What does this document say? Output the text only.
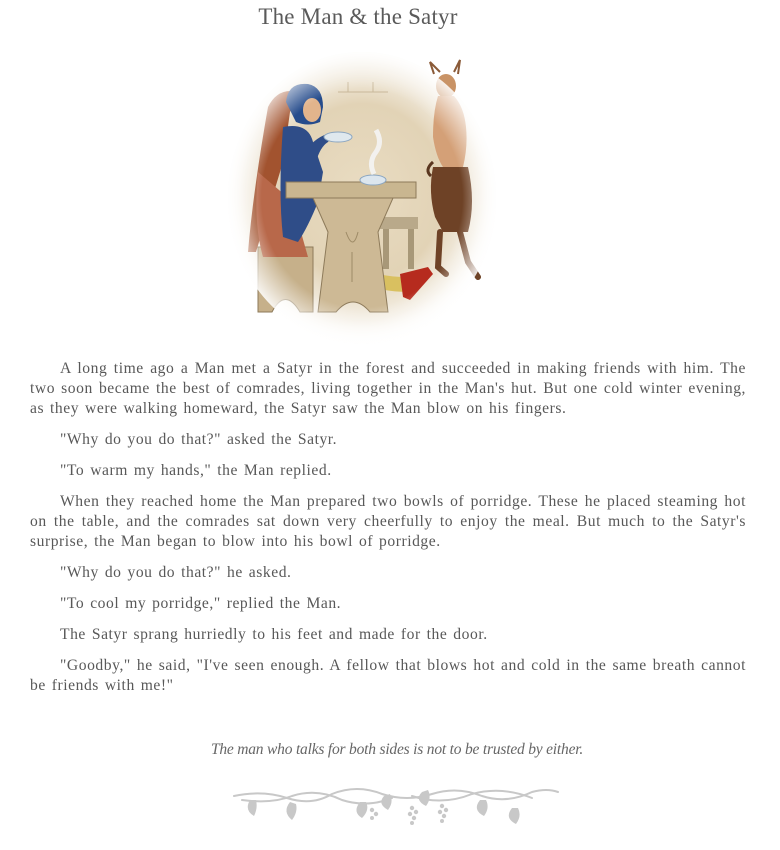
The Man & the Satyr

A long time ago a Man met a Satyr in the forest and succeeded in making friends with him. The two soon became the best of comrades, living together in the Man's hut. But one cold winter evening, as they were walking homeward, the Satyr saw the Man blow on his fingers.

"Why do you do that?" asked the Satyr.

"To warm my hands," the Man replied.

When they reached home the Man prepared two bowls of porridge. These he placed steaming hot on the table, and the comrades sat down very cheerfully to enjoy the meal. But much to the Satyr's surprise, the Man began to blow into his bowl of porridge.

"Why do you do that?" he asked.

"To cool my porridge," replied the Man.

The Satyr sprang hurriedly to his feet and made for the door.

"Goodby," he said, "I've seen enough. A fellow that blows hot and cold in the same breath cannot be friends with me!"

The man who talks for both sides is not to be trusted by either.
